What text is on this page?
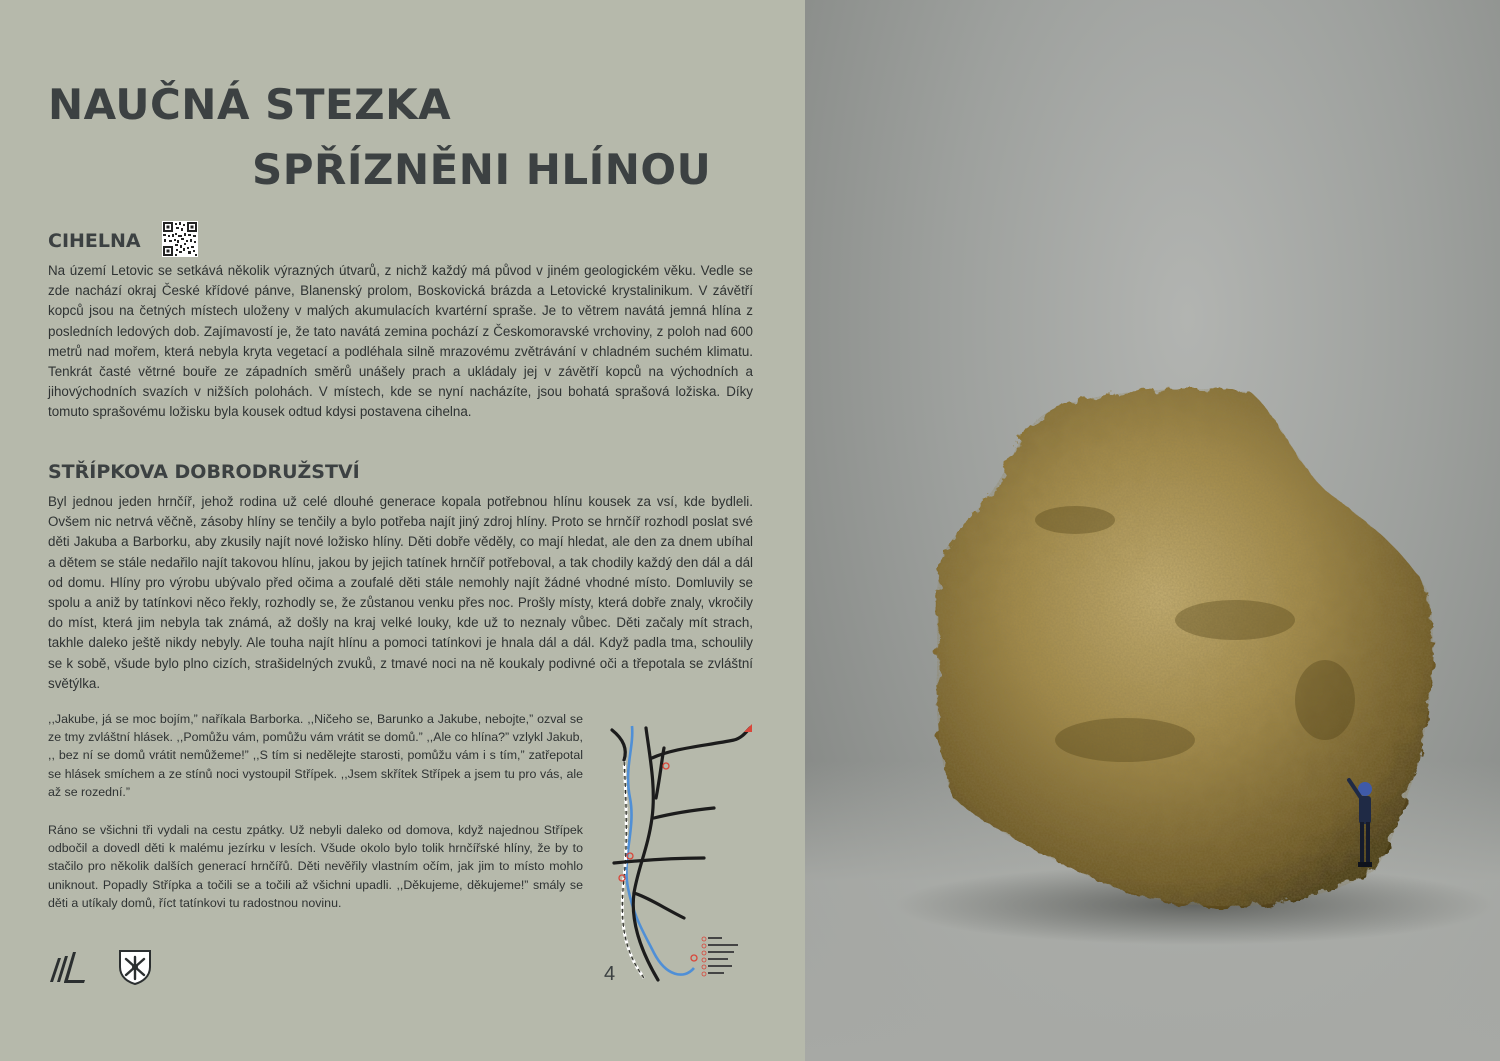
NAUČNÁ STEZKA
SPŘÍZNĚNI HLÍNOU
CIHELNA

Na území Letovic se setkává několik výrazných útvarů, z nichž každý má původ v jiném geologickém věku. Vedle se zde nachází okraj České křídové pánve, Blanenský prolom, Boskovická brázda a Letovické krystalinikum. V závětří kopců jsou na četných místech uloženy v malých akumulacích kvartérní spraše. Je to větrem navátá jemná hlína z posledních ledových dob. Zajímavostí je, že tato navátá zemina pochází z Českomoravské vrchoviny, z poloh nad 600 metrů nad mořem, která nebyla kryta vegetací a podléhala silně mrazovému zvětrávání v chladném suchém klimatu. Tenkrát časté větrné bouře ze západních směrů unášely prach a ukládaly jej v závětří kopců na východních a jihovýchodních svazích v nižších polohách. V místech, kde se nyní nacházíte, jsou bohatá sprašová ložiska. Díky tomuto sprašovému ložisku byla kousek odtud kdysi postavena cihelna.

STŘÍPKOVA DOBRODRUŽSTVÍ

Byl jednou jeden hrnčíř, jehož rodina už celé dlouhé generace kopala potřebnou hlínu kousek za vsí, kde bydleli. Ovšem nic netrvá věčně, zásoby hlíny se tenčily a bylo potřeba najít jiný zdroj hlíny. Proto se hrnčíř rozhodl poslat své děti Jakuba a Barborku, aby zkusily najít nové ložisko hlíny. Děti dobře věděly, co mají hledat, ale den za dnem ubíhal a dětem se stále nedařilo najít takovou hlínu, jakou by jejich tatínek hrnčíř potřeboval, a tak chodily každý den dál a dál od domu. Hlíny pro výrobu ubývalo před očima a zoufalé děti stále nemohly najít žádné vhodné místo. Domluvily se spolu a aniž by tatínkovi něco řekly, rozhodly se, že zůstanou venku přes noc. Prošly místy, která dobře znaly, vkročily do míst, která jim nebyla tak známá, až došly na kraj velké louky, kde už to neznaly vůbec. Děti začaly mít strach, takhle daleko ještě nikdy nebyly. Ale touha najít hlínu a pomoci tatínkovi je hnala dál a dál. Když padla tma, schoulily se k sobě, všude bylo plno cizích, strašidelných zvuků, z tmavé noci na ně koukaly podivné oči a třepotala se zvláštní světýlka.

,,Jakube, já se moc bojím,” naříkala Barborka. ,,Ničeho se, Barunko a Jakube, nebojte,” ozval se ze tmy zvláštní hlásek. ,,Pomůžu vám, pomůžu vám vrátit se domů.” ,,Ale co hlína?” vzlykl Jakub, ,, bez ní se domů vrátit nemůžeme!” ,,S tím si nedělejte starosti, pomůžu vám i s tím,” zatřepotal se hlásek smíchem a ze stínů noci vystoupil Střípek. ,,Jsem skřítek Střípek a jsem tu pro vás, ale až se rozední.”

Ráno se všichni tři vydali na cestu zpátky. Už nebyli daleko od domova, když najednou Střípek odbočil a dovedl děti k malému jezírku v lesích. Všude okolo bylo tolik hrnčířské hlíny, že by to stačilo pro několik dalších generací hrnčířů. Děti nevěřily vlastním očím, jak jim to místo mohlo uniknout. Popadly Střípka a točili se a točili až všichni upadli. ,,Děkujeme, děkujeme!” smály se děti a utíkaly domů, říct tatínkovi tu radostnou novinu.

4
